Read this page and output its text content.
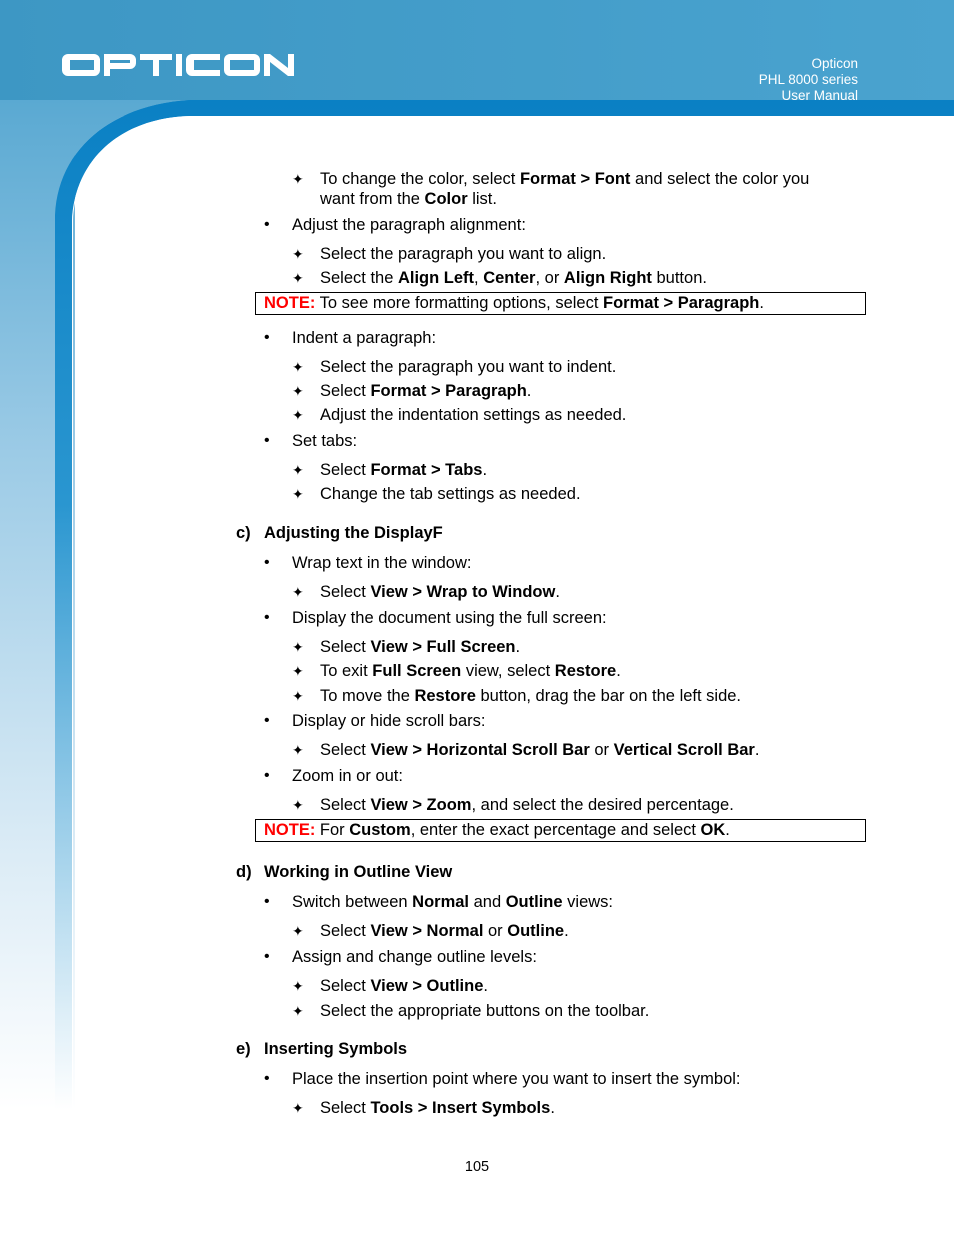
Opticon
PHL 8000 series
User Manual
✦ To change the color, select Format > Font and select the color you
want from the Color list.
• Adjust the paragraph alignment:
✦ Select the paragraph you want to align.
✦ Select the Align Left, Center, or Align Right button.
NOTE: To see more formatting options, select Format > Paragraph.
• Indent a paragraph:
✦ Select the paragraph you want to indent.
✦ Select Format > Paragraph.
✦ Adjust the indentation settings as needed.
• Set tabs:
✦ Select Format > Tabs.
✦ Change the tab settings as needed.
c) Adjusting the DisplayF
• Wrap text in the window:
✦ Select View > Wrap to Window.
• Display the document using the full screen:
✦ Select View > Full Screen.
✦ To exit Full Screen view, select Restore.
✦ To move the Restore button, drag the bar on the left side.
• Display or hide scroll bars:
✦ Select View > Horizontal Scroll Bar or Vertical Scroll Bar.
• Zoom in or out:
✦ Select View > Zoom, and select the desired percentage.
NOTE: For Custom, enter the exact percentage and select OK.
d) Working in Outline View
• Switch between Normal and Outline views:
✦ Select View > Normal or Outline.
• Assign and change outline levels:
✦ Select View > Outline.
✦ Select the appropriate buttons on the toolbar.
e) Inserting Symbols
• Place the insertion point where you want to insert the symbol:
✦ Select Tools > Insert Symbols.
105
